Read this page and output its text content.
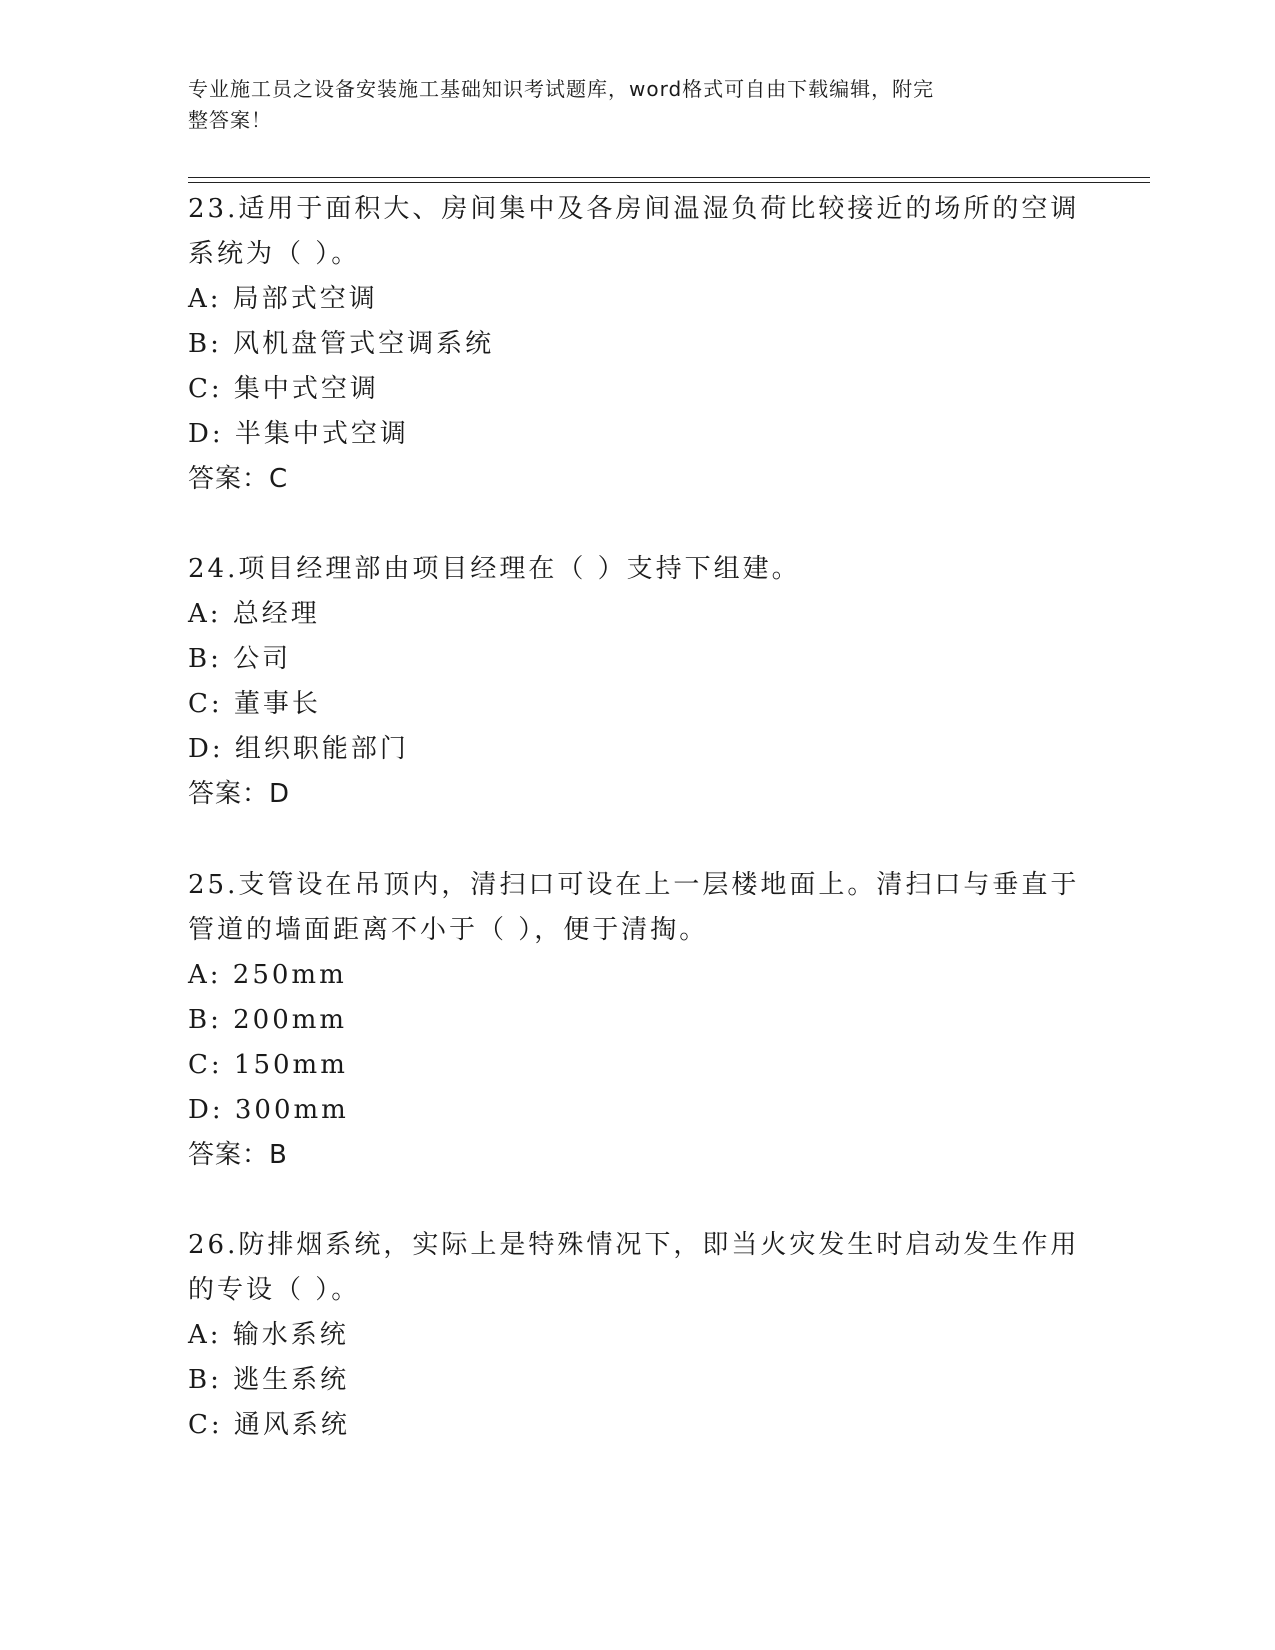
专业施工员之设备安装施工基础知识考试题库，word格式可自由下载编辑，附完
整答案！
23.适用于面积大、房间集中及各房间温湿负荷比较接近的场所的空调
系统为（ ）。
A: 局部式空调
B: 风机盘管式空调系统
C: 集中式空调
D: 半集中式空调
答案：C
24.项目经理部由项目经理在（ ）支持下组建。
A: 总经理
B: 公司
C: 董事长
D: 组织职能部门
答案：D
25.支管设在吊顶内，清扫口可设在上一层楼地面上。清扫口与垂直于
管道的墙面距离不小于（ ），便于清掏。
A: 250mm
B: 200mm
C: 150mm
D: 300mm
答案：B
26.防排烟系统，实际上是特殊情况下，即当火灾发生时启动发生作用
的专设（ ）。
A: 输水系统
B: 逃生系统
C: 通风系统
